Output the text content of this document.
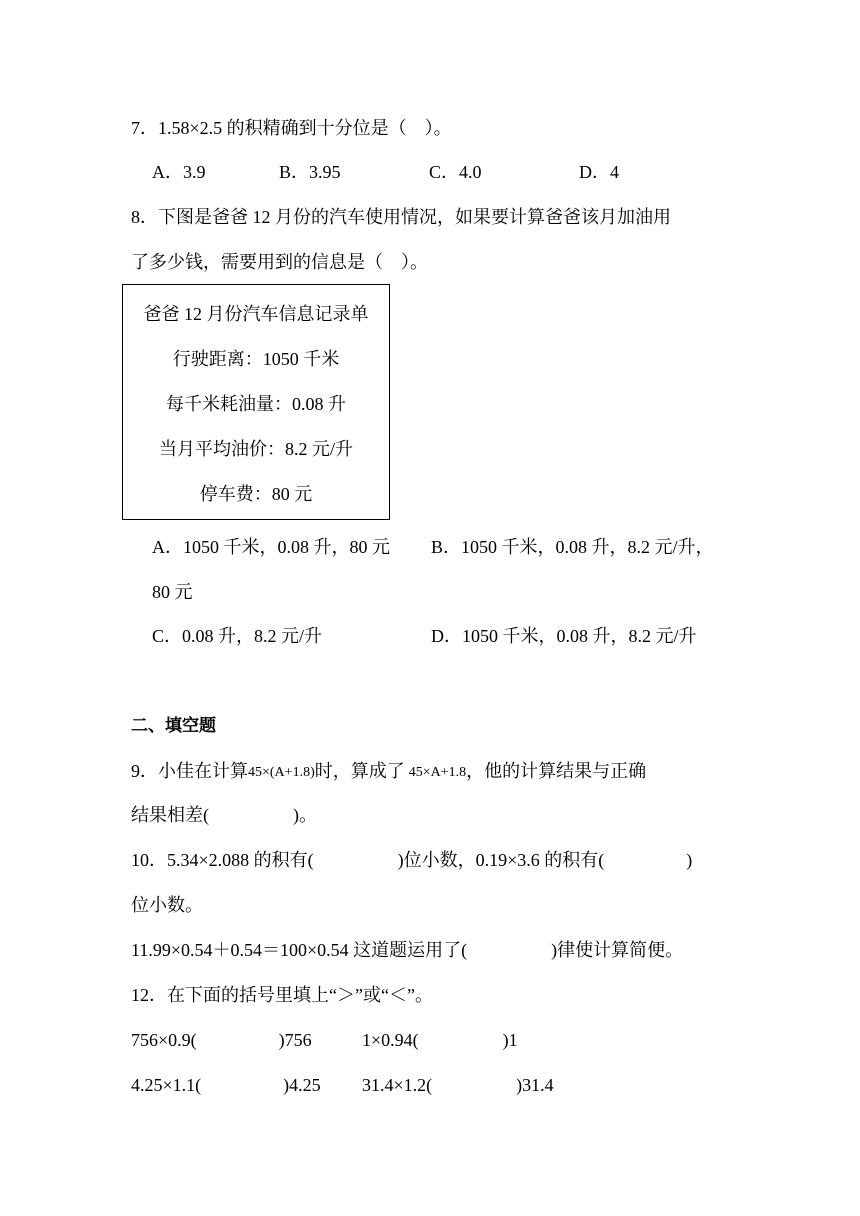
7．1.58×2.5 的积精确到十分位是（　）。
A．3.9	B．3.95	C．4.0	D．4
8．下图是爸爸 12 月份的汽车使用情况，如果要计算爸爸该月加油用
了多少钱，需要用到的信息是（　）。
爸爸 12 月份汽车信息记录单
行驶距离：1050 千米
每千米耗油量：0.08 升
当月平均油价：8.2 元/升
停车费：80 元
A．1050 千米，0.08 升，80 元 B．1050 千米，0.08 升，8.2 元/升，
80 元
C．0.08 升，8.2 元/升	D．1050 千米，0.08 升，8.2 元/升
二、填空题
9．小佳在计算45×(A+1.8)时，算成了 45×A+1.8，他的计算结果与正确
结果相差(	)。
10．5.34×2.088 的积有(	)位小数，0.19×3.6 的积有(	)
位小数。
11.99×0.54＋0.54＝100×0.54 这道题运用了(	)律使计算简便。
12．在下面的括号里填上“＞”或“＜”。
756×0.9(	)756	1×0.94(	)1
4.25×1.1(	)4.25 31.4×1.2(	)31.4
